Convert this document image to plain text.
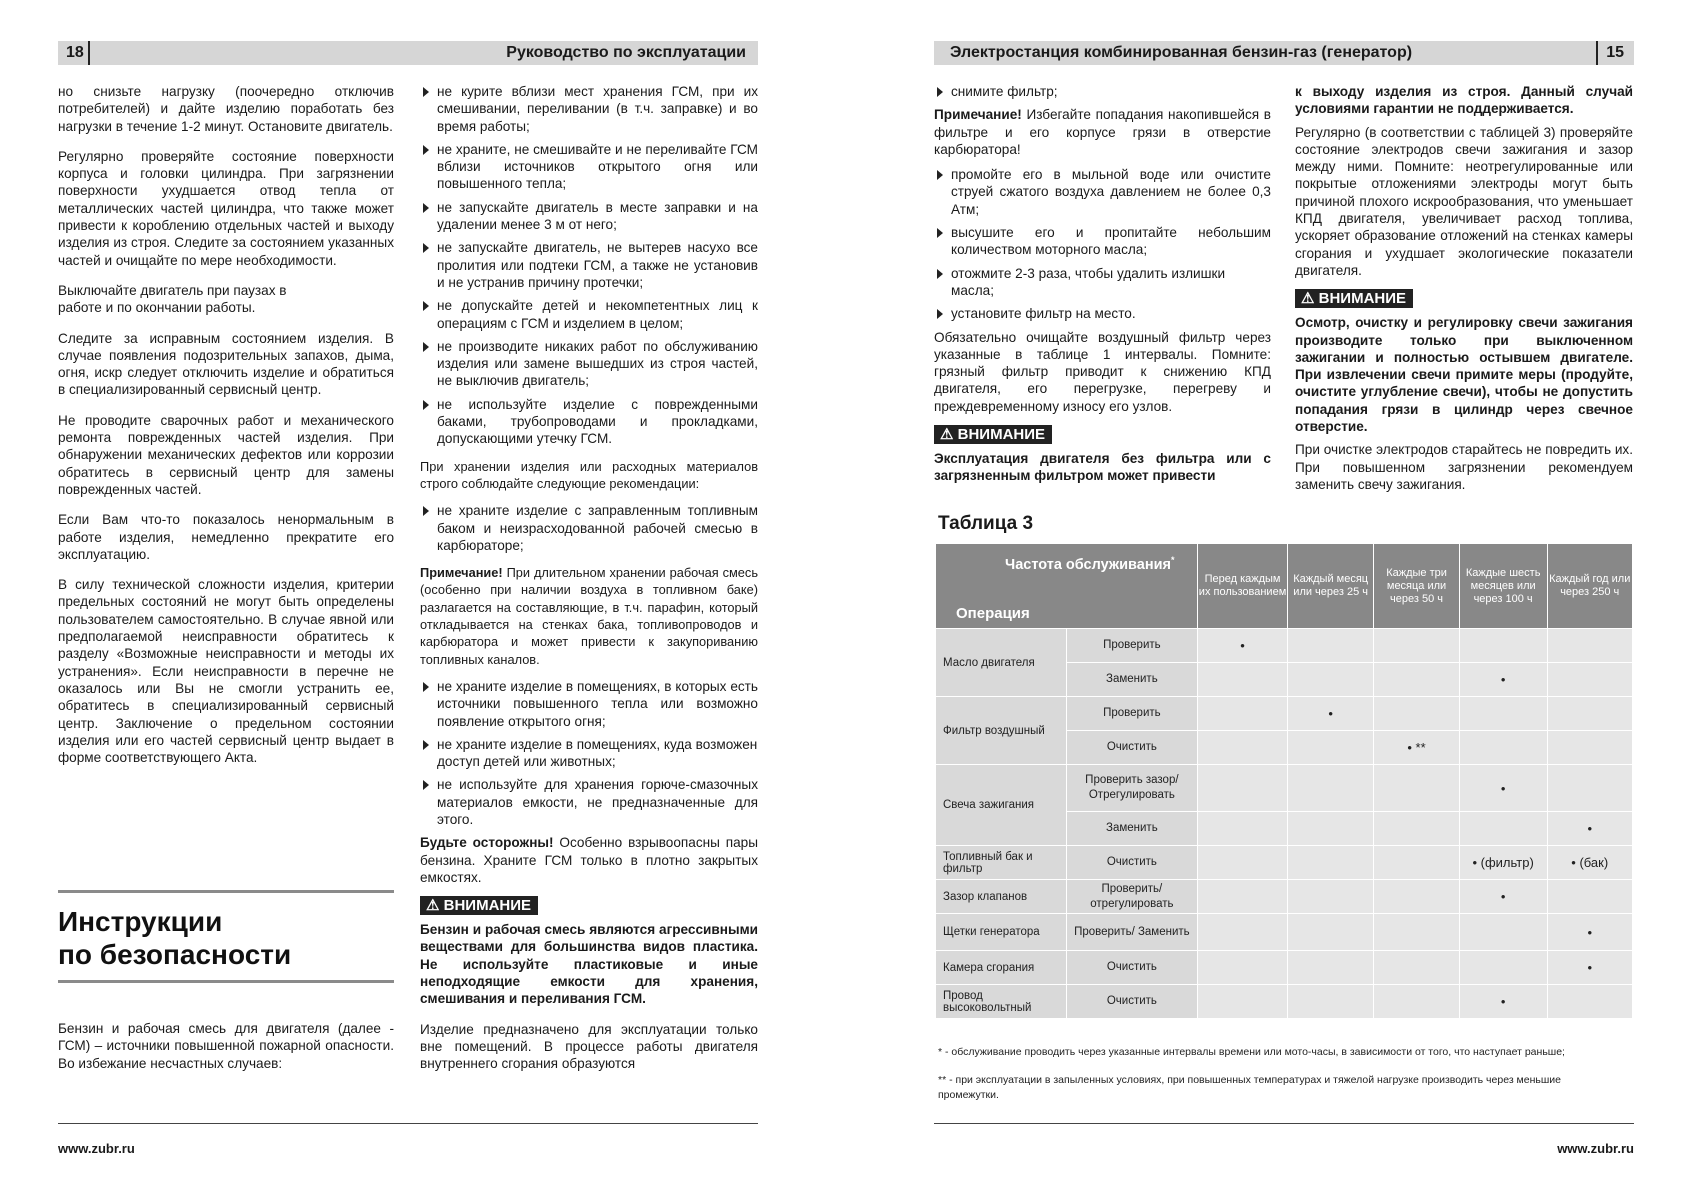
18	Руководство по эксплуатации

но снизьте нагрузку (поочередно отключив потребителей) и дайте изделию поработать без нагрузки в течение 1-2 минут. Остановите двигатель.

Регулярно проверяйте состояние поверхности корпуса и головки цилиндра. При загрязнении поверхности ухудшается отвод тепла от металлических частей цилиндра, что также может привести к короблению отдельных частей и выходу изделия из строя. Следите за состоянием указанных частей и очищайте по мере необходимости.

Выключайте двигатель при паузах в работе и по окончании работы.

Следите за исправным состоянием изделия. В случае появления подозрительных запахов, дыма, огня, искр следует отключить изделие и обратиться в специализированный сервисный центр.

Не проводите сварочных работ и механического ремонта поврежденных частей изделия. При обнаружении механических дефектов или коррозии обратитесь в сервисный центр для замены поврежденных частей.

Если Вам что-то показалось ненормальным в работе изделия, немедленно прекратите его эксплуатацию.

В силу технической сложности изделия, критерии предельных состояний не могут быть определены пользователем самостоятельно. В случае явной или предполагаемой неисправности обратитесь к разделу «Возможные неисправности и методы их устранения». Если неисправности в перечне не оказалось или Вы не смогли устранить ее, обратитесь в специализированный сервисный центр. Заключение о предельном состоянии изделия или его частей сервисный центр выдает в форме соответствующего Акта.

Инструкции
по безопасности

Бензин и рабочая смесь для двигателя (далее - ГСМ) – источники повышенной пожарной опасности. Во избежание несчастных случаев:

не курите вблизи мест хранения ГСМ, при их смешивании, переливании (в т.ч. заправке) и во время работы;
не храните, не смешивайте и не переливайте ГСМ вблизи источников открытого огня или повышенного тепла;
не запускайте двигатель в месте заправки и на удалении менее 3 м от него;
не запускайте двигатель, не вытерев насухо все пролития или подтеки ГСМ, а также не установив и не устранив причину протечки;
не допускайте детей и некомпетентных лиц к операциям с ГСМ и изделием в целом;
не производите никаких работ по обслуживанию изделия или замене вышедших из строя частей, не выключив двигатель;
не используйте изделие с поврежденными баками, трубопроводами и прокладками, допускающими утечку ГСМ.

При хранении изделия или расходных материалов строго соблюдайте следующие рекомендации:

не храните изделие с заправленным топливным баком и неизрасходованной рабочей смесью в карбюраторе;

Примечание! При длительном хранении рабочая смесь (особенно при наличии воздуха в топливном баке) разлагается на составляющие, в т.ч. парафин, который откладывается на стенках бака, топливопроводов и карбюратора и может привести к закупориванию топливных каналов.

не храните изделие в помещениях, в которых есть источники повышенного тепла или возможно появление открытого огня;
не храните изделие в помещениях, куда возможен доступ детей или животных;
не используйте для хранения горюче-смазочных материалов емкости, не предназначенные для этого.

Будьте осторожны! Особенно взрывоопасны пары бензина. Храните ГСМ только в плотно закрытых емкостях.

⚠ ВНИМАНИЕ

Бензин и рабочая смесь являются агрессивными веществами для большинства видов пластика. Не используйте пластиковые и иные неподходящие емкости для хранения, смешивания и переливания ГСМ.

Изделие предназначено для эксплуатации только вне помещений. В процессе работы двигателя внутреннего сгорания образуются

www.zubr.ru
Электростанция комбинированная бензин-газ (генератор)	15
снимите фильтр;

Примечание! Избегайте попадания накопившейся в фильтре и его корпусе грязи в отверстие карбюратора!

промойте его в мыльной воде или очистите струей сжатого воздуха давлением не более 0,3 Атм;
высушите его и пропитайте небольшим количеством моторного масла;
отожмите 2-3 раза, чтобы удалить излишки масла;
установите фильтр на место.

Обязательно очищайте воздушный фильтр через указанные в таблице 1 интервалы. Помните: грязный фильтр приводит к снижению КПД двигателя, его перегрузке, перегреву и преждевременному износу его узлов.

⚠ ВНИМАНИЕ

Эксплуатация двигателя без фильтра или с загрязненным фильтром может привести

к выходу изделия из строя. Данный случай условиями гарантии не поддерживается.

Регулярно (в соответствии с таблицей 3) проверяйте состояние электродов свечи зажигания и зазор между ними. Помните: неотрегулированные или покрытые отложениями электроды могут быть причиной плохого искрообразования, что уменьшает КПД двигателя, увеличивает расход топлива, ускоряет образование отложений на стенках камеры сгорания и ухудшает экологические показатели двигателя.

⚠ ВНИМАНИЕ

Осмотр, очистку и регулировку свечи зажигания производите только при выключенном зажигании и полностью остывшем двигателе. При извлечении свечи примите меры (продуйте, очистите углубление свечи), чтобы не допустить попадания грязи в цилиндр через свечное отверстие.

При очистке электродов старайтесь не повредить их. При повышенном загрязнении рекомендуем заменить свечу зажигания.

Таблица 3
Частота обслуживания*
Операция		Перед каждым их пользованием	Каждый месяц или через 25 ч	Каждые три месяца или через 50 ч	Каждые шесть месяцев или через 100 ч	Каждый год или через 250 ч
Масло двигателя	Проверить	•				
	Заменить				•	
Фильтр воздушный	Проверить		•			
	Очистить			• **		
Свеча зажигания	Проверить зазор/ Отрегулировать				•	
	Заменить					•
Топливный бак и фильтр	Очистить				• (фильтр)	• (бак)
Зазор клапанов	Проверить/ отрегулировать				•	
Щетки генератора	Проверить/ Заменить					•
Камера сгорания	Очистить					•
Провод высоковольтный	Очистить				•	
* - обслуживание проводить через указанные интервалы времени или мото-часы, в зависимости от того, что наступает раньше;
** - при эксплуатации в запыленных условиях, при повышенных температурах и тяжелой нагрузке производить через меньшие промежутки.
www.zubr.ru
